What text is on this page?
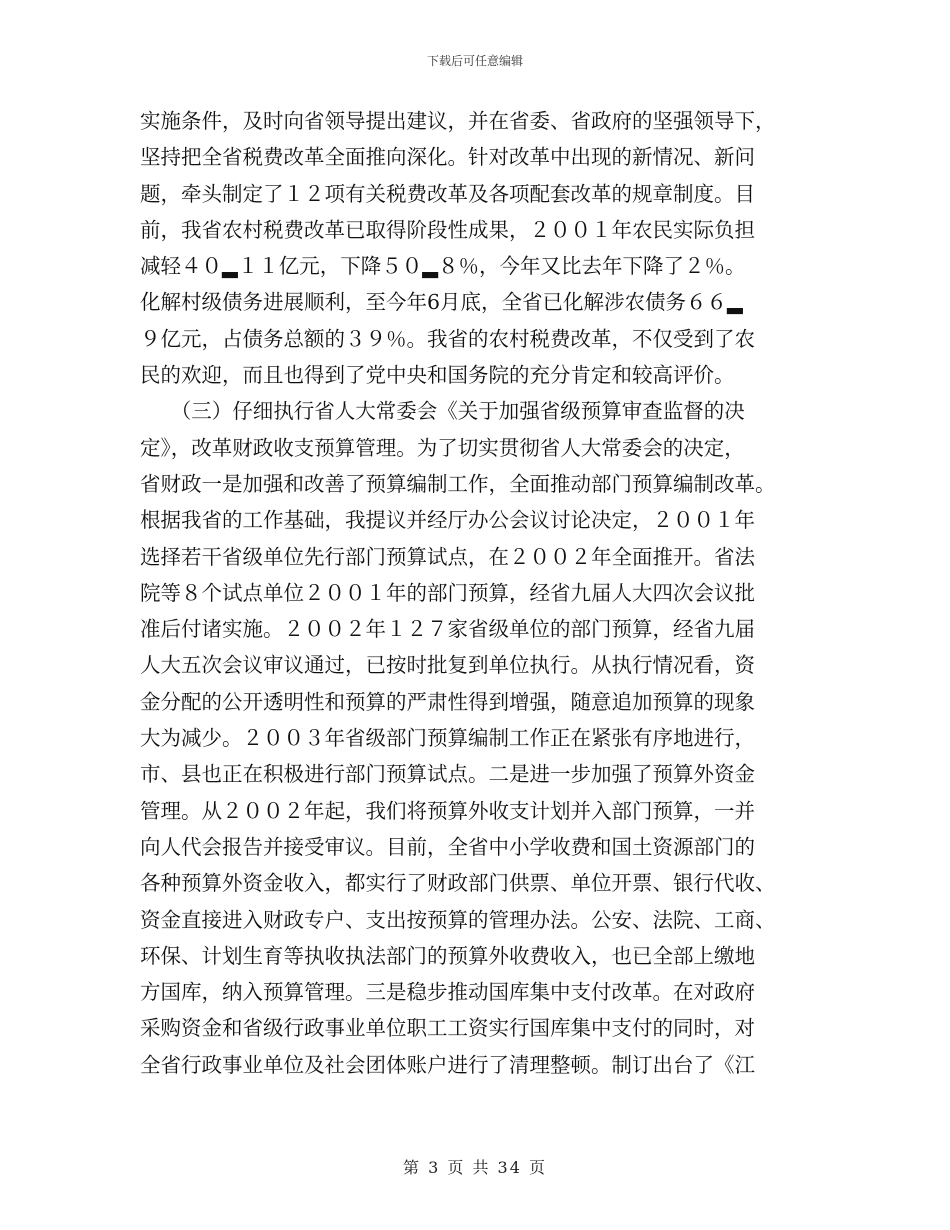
下载后可任意编辑
实施条件，及时向省领导提出建议，并在省委、省政府的坚强领导下，
坚持把全省税费改革全面推向深化。针对改革中出现的新情况、新问
题，牵头制定了１２项有关税费改革及各项配套改革的规章制度。目
前，我省农村税费改革已取得阶段性成果，２００１年农民实际负担
减轻４０▂１１亿元，下降５０▂８％，今年又比去年下降了２％。
化解村级债务进展顺利，至今年6月底，全省已化解涉农债务６６▂
９亿元，占债务总额的３９％。我省的农村税费改革，不仅受到了农
民的欢迎，而且也得到了党中央和国务院的充分肯定和较高评价。
　　（三）仔细执行省人大常委会《关于加强省级预算审查监督的决
定》，改革财政收支预算管理。为了切实贯彻省人大常委会的决定，
省财政一是加强和改善了预算编制工作，全面推动部门预算编制改革。
根据我省的工作基础，我提议并经厅办公会议讨论决定，２００１年
选择若干省级单位先行部门预算试点，在２００２年全面推开。省法
院等８个试点单位２００１年的部门预算，经省九届人大四次会议批
准后付诸实施。２００２年１２７家省级单位的部门预算，经省九届
人大五次会议审议通过，已按时批复到单位执行。从执行情况看，资
金分配的公开透明性和预算的严肃性得到增强，随意追加预算的现象
大为减少。２００３年省级部门预算编制工作正在紧张有序地进行，
市、县也正在积极进行部门预算试点。二是进一步加强了预算外资金
管理。从２００２年起，我们将预算外收支计划并入部门预算，一并
向人代会报告并接受审议。目前，全省中小学收费和国土资源部门的
各种预算外资金收入，都实行了财政部门供票、单位开票、银行代收、
资金直接进入财政专户、支出按预算的管理办法。公安、法院、工商、
环保、计划生育等执收执法部门的预算外收费收入，也已全部上缴地
方国库，纳入预算管理。三是稳步推动国库集中支付改革。在对政府
采购资金和省级行政事业单位职工工资实行国库集中支付的同时，对
全省行政事业单位及社会团体账户进行了清理整顿。制订出台了《江
第 3 页 共 34 页
